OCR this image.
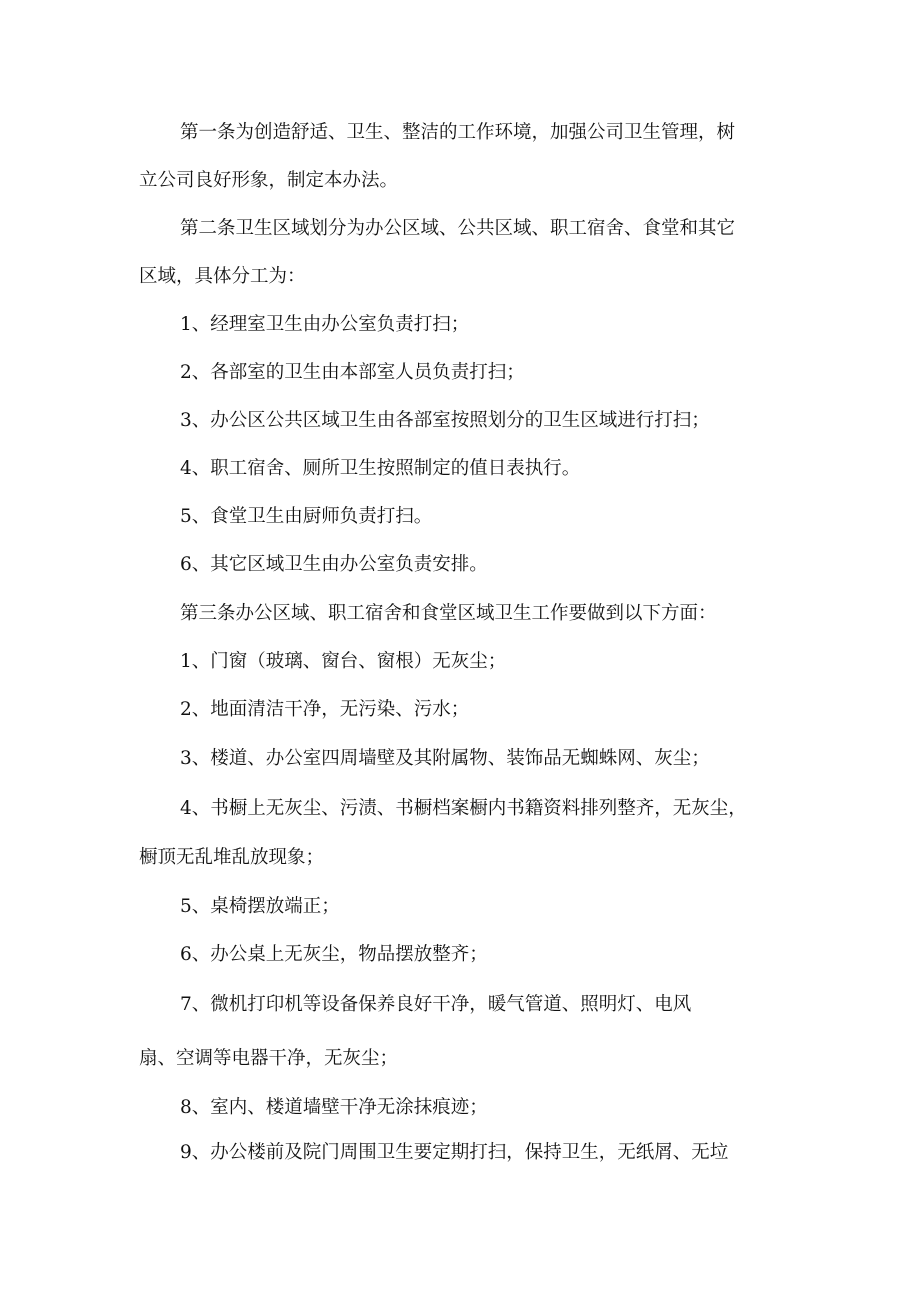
第一条为创造舒适、卫生、整洁的工作环境，加强公司卫生管理，树
立公司良好形象，制定本办法。
第二条卫生区域划分为办公区域、公共区域、职工宿舍、食堂和其它
区域，具体分工为：
1、经理室卫生由办公室负责打扫；
2、各部室的卫生由本部室人员负责打扫；
3、办公区公共区域卫生由各部室按照划分的卫生区域进行打扫；
4、职工宿舍、厕所卫生按照制定的值日表执行。
5、食堂卫生由厨师负责打扫。
6、其它区域卫生由办公室负责安排。
第三条办公区域、职工宿舍和食堂区域卫生工作要做到以下方面：
1、门窗（玻璃、窗台、窗根）无灰尘；
2、地面清洁干净，无污染、污水；
3、楼道、办公室四周墙壁及其附属物、装饰品无蜘蛛网、灰尘；
4、书橱上无灰尘、污渍、书橱档案橱内书籍资料排列整齐，无灰尘，
橱顶无乱堆乱放现象；
5、桌椅摆放端正；
6、办公桌上无灰尘，物品摆放整齐；
7、微机打印机等设备保养良好干净，暖气管道、照明灯、电风
扇、空调等电器干净，无灰尘；
8、室内、楼道墙壁干净无涂抹痕迹；
9、办公楼前及院门周围卫生要定期打扫，保持卫生，无纸屑、无垃
